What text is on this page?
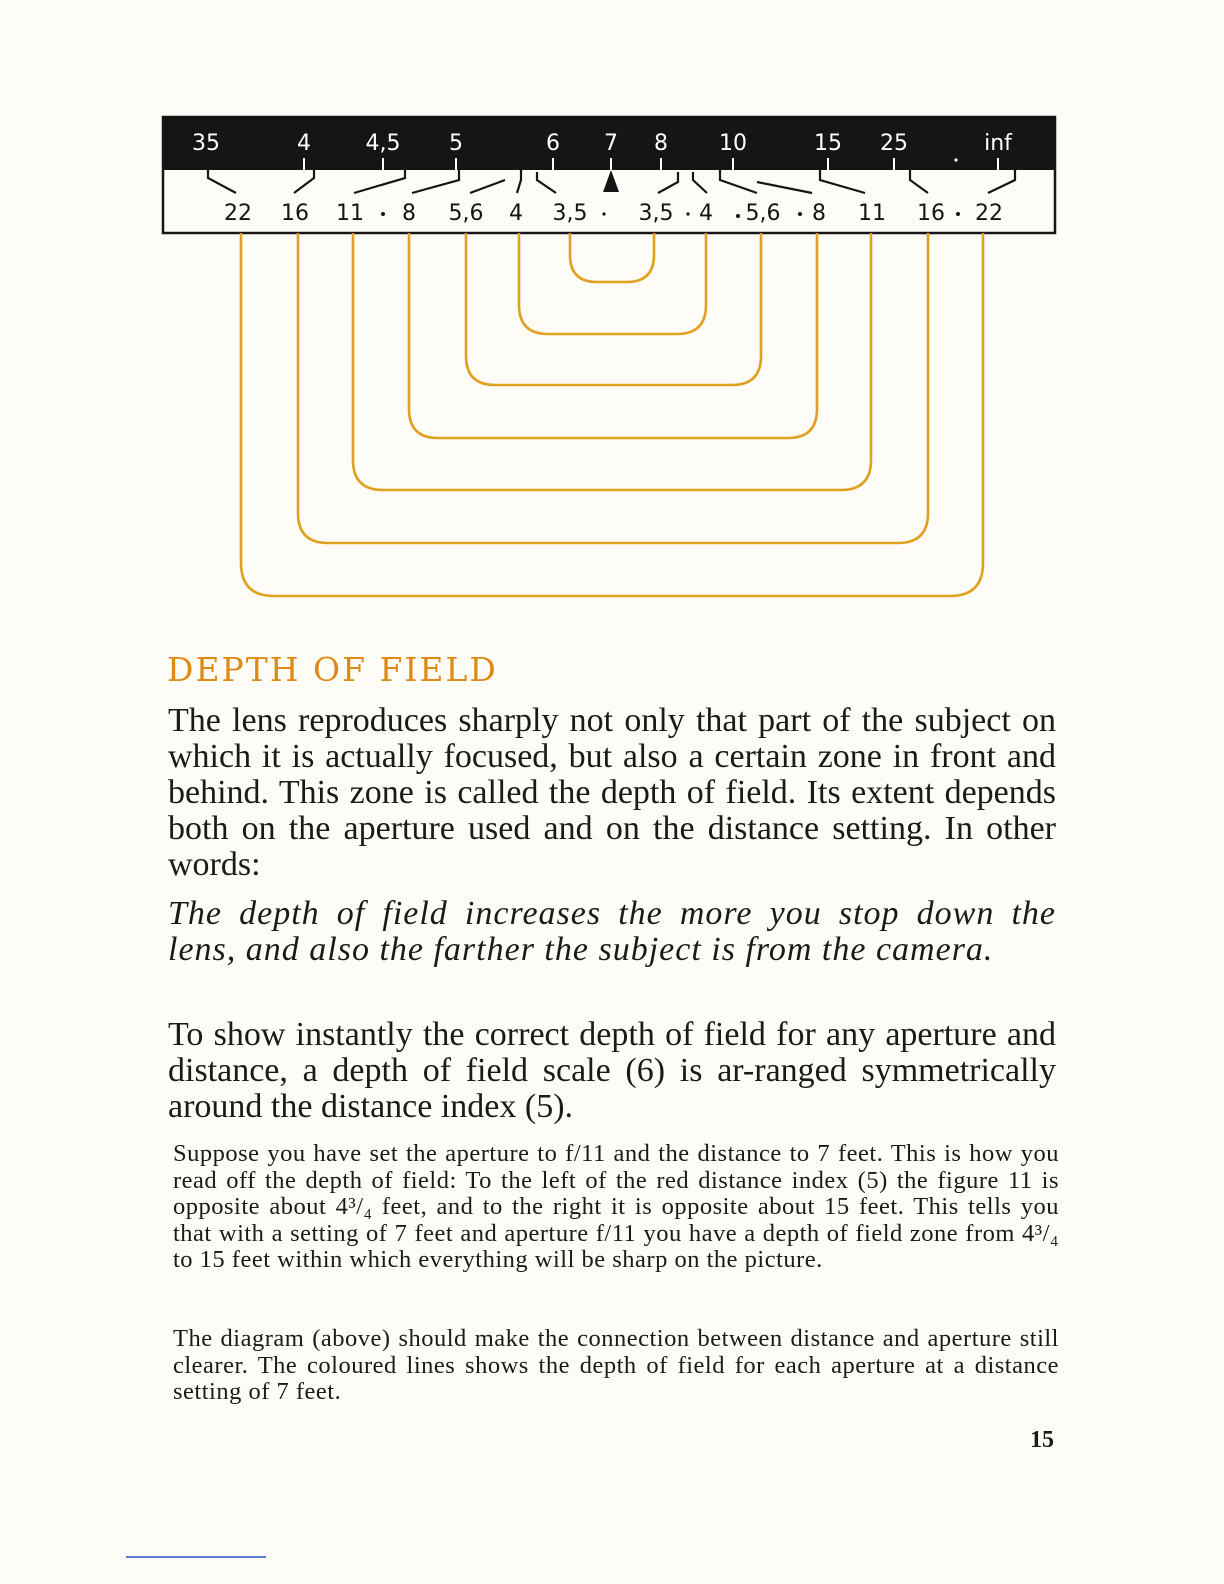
35	4 4,5 5	6 7 8 10	15 25	inf
22 16 11 8 5,6 4 3,5 3,5 4 5,6 8 11 16 22
DEPTH OF FIELD

The lens reproduces sharply not only that part of the subject on which it is actually focused, but also a certain zone in front and behind. This zone is called the depth of field. Its extent depends both on the aperture used and on the distance setting. In other words:

The depth of field increases the more you stop down the lens, and also the farther the subject is from the camera.

To show instantly the correct depth of field for any aperture and distance, a depth of field scale (6) is ar-ranged symmetrically around the distance index (5).

Suppose you have set the aperture to f/11 and the distance to 7 feet. This is how you read off the depth of field: To the left of the red distance index (5) the figure 11 is opposite about 4³/₄ feet, and to the right it is opposite about 15 feet. This tells you that with a setting of 7 feet and aperture f/11 you have a depth of field zone from 4³/₄ to 15 feet within which everything will be sharp on the picture.

The diagram (above) should make the connection between distance and aperture still clearer. The coloured lines shows the depth of field for each aperture at a distance setting of 7 feet.

15
